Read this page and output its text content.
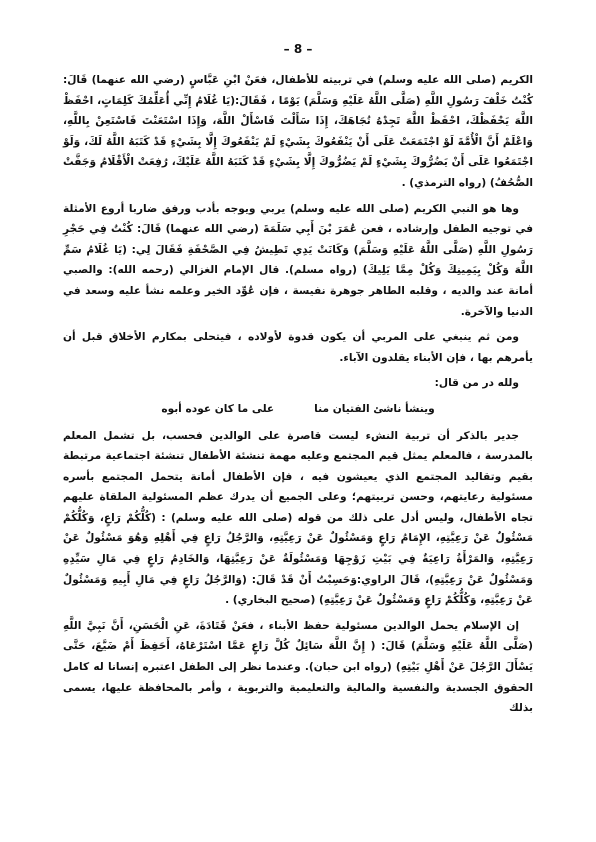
– 8 –

الكريم (صلى الله عليه وسلم) في تربيته للأطفال، فعَنْ ابْنِ عَبَّاسٍ (رضي الله عنهما) قَالَ: كُنْتُ خَلْفَ رَسُولِ اللَّهِ (صَلَّى اللَّهُ عَلَيْهِ وَسَلَّمَ) يَوْمًا ، فَقَالَ:(يَا غُلَامُ إِنِّي أُعَلِّمُكَ كَلِمَاتٍ، احْفَظْ اللَّهَ يَحْفَظْكَ، احْفَظْ اللَّهَ تَجِدْهُ تُجَاهَكَ، إِذَا سَأَلْتَ فَاسْأَلْ اللَّهَ، وَإِذَا اسْتَعَنْتَ فَاسْتَعِنْ بِاللَّهِ، وَاعْلَمْ أَنَّ الْأُمَّةَ لَوْ اجْتَمَعَتْ عَلَى أَنْ يَنْفَعُوكَ بِشَيْءٍ لَمْ يَنْفَعُوكَ إِلَّا بِشَيْءٍ قَدْ كَتَبَهُ اللَّهُ لَكَ، وَلَوْ اجْتَمَعُوا عَلَى أَنْ يَضُرُّوكَ بِشَيْءٍ لَمْ يَضُرُّوكَ إِلَّا بِشَيْءٍ قَدْ كَتَبَهُ اللَّهُ عَلَيْكَ، رُفِعَتْ الْأَقْلَامُ وَجَفَّتْ الصُّحُفُ) (رواه الترمذي) .

وها هو النبي الكريم (صلى الله عليه وسلم) يربي ويوجه بأدب ورفق ضاربا أروع الأمثلة في توجيه الطفل وإرشاده ، فعن عُمَرَ بْنَ أَبِي سَلَمَةَ (رضي الله عنهما) قَالَ: كُنْتُ فِي حَجْرِ رَسُولِ اللَّهِ (صَلَّى اللَّهُ عَلَيْهِ وَسَلَّمَ) وَكَانَتْ يَدِي تَطِيشُ فِي الصَّحْفَةِ فَقَالَ لِي: (يَا غُلَامُ سَمِّ اللَّهَ وَكُلْ بِيَمِينِكَ وَكُلْ مِمَّا يَلِيكَ) (رواه مسلم). قال الإمام الغزالي (رحمه الله): والصبي أمانة عند والديه ، وقلبه الطاهر جوهرة نفيسة ، فإن عُوِّد الخير وعلمه نشأ عليه وسعد في الدنيا والآخرة.

ومن ثم ينبغي على المربي أن يكون قدوة لأولاده ، فيتحلى بمكارم الأخلاق قبل أن يأمرهم بها ، فإن الأبناء يقلدون الآباء.

ولله در من قال:

وينشأ ناشئ الفتيان منا
على ما كان عوده أبوه

جدير بالذكر أن تربية النشء ليست قاصرة على الوالدين فحسب، بل تشمل المعلم بالمدرسة ، فالمعلم يمثل قيم المجتمع وعليه مهمة تنشئة الأطفال تنشئة اجتماعية مرتبطة بقيم وتقاليد المجتمع الذي يعيشون فيه ، فإن الأطفال أمانة يتحمل المجتمع بأسره مسئولية رعايتهم، وحسن تربيتهم؛ وعلى الجميع أن يدرك عظم المسئولية الملقاة عليهم تجاه الأطفال، وليس أدل على ذلك من قوله (صلى الله عليه وسلم) : (كُلُّكُمْ رَاعٍ، وَكُلُّكُمْ مَسْئُولٌ عَنْ رَعِيَّتِهِ، الإِمَامُ رَاعٍ وَمَسْئُولٌ عَنْ رَعِيَّتِهِ، وَالرَّجُلُ رَاعٍ فِي أَهْلِهِ وَهُوَ مَسْئُولٌ عَنْ رَعِيَّتِهِ، وَالمَرْأَةُ رَاعِيَةٌ فِي بَيْتِ زَوْجِهَا وَمَسْئُولَةٌ عَنْ رَعِيَّتِهَا، وَالخَادِمُ رَاعٍ فِي مَالِ سَيِّدِهِ وَمَسْئُولٌ عَنْ رَعِيَّتِهِ)، قَالَ الراوي:وَحَسِبْتُ أَنْ قَدْ قَالَ: (وَالرَّجُلُ رَاعٍ فِي مَالِ أَبِيهِ وَمَسْئُولٌ عَنْ رَعِيَّتِهِ، وَكُلُّكُمْ رَاعٍ وَمَسْئُولٌ عَنْ رَعِيَّتِهِ) (صحيح البخاري) .

إن الإسلام يحمل الوالدين مسئولية حفظ الأبناء ، فعَنْ قَتَادَةَ، عَنِ الْحَسَنِ، أَنَّ نَبِيَّ اللَّهِ (صَلَّى اللَّهُ عَلَيْهِ وَسَلَّمَ) قَالَ: ( إِنَّ اللَّهَ سَائِلٌ كُلَّ رَاعٍ عَمَّا اسْتَرْعَاهُ، أَحَفِظَ أَمْ ضَيَّعَ، حَتَّى يَسْأَلَ الرَّجُلَ عَنْ أَهْلِ بَيْتِهِ) (رواه ابن حبان). وعندما نظر إلى الطفل اعتبره إنسانا له كامل الحقوق الجسدية والنفسية والمالية والتعليمية والتربوية ، وأمر بالمحافظة عليها، يسمى بذلك
